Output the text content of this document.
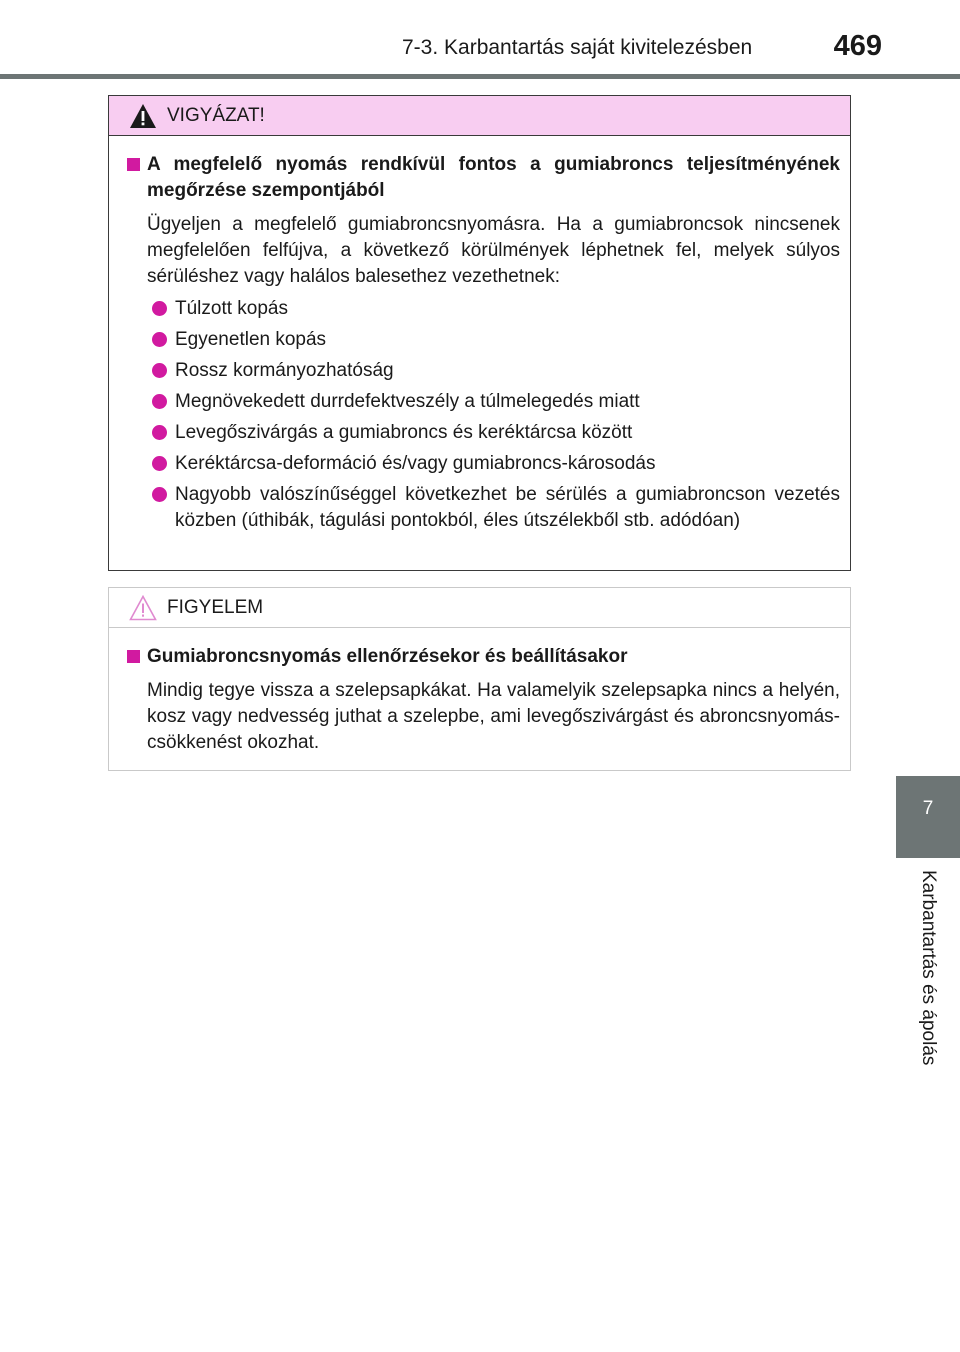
7-3. Karbantartás saját kivitelezésben	469
7
Karbantartás és ápolás
VIGYÁZAT!
A megfelelő nyomás rendkívül fontos a gumiabroncs teljesítményének megőrzése szempontjából
Ügyeljen a megfelelő gumiabroncsnyomásra. Ha a gumiabroncsok nincsenek megfelelően felfújva, a következő körülmények léphetnek fel, melyek súlyos sérüléshez vagy halálos balesethez vezethetnek:
Túlzott kopás
Egyenetlen kopás
Rossz kormányozhatóság
Megnövekedett durrdefektveszély a túlmelegedés miatt
Levegőszivárgás a gumiabroncs és keréktárcsa között
Keréktárcsa-deformáció és/vagy gumiabroncs-károsodás
Nagyobb valószínűséggel következhet be sérülés a gumiabroncson vezetés közben (úthibák, tágulási pontokból, éles útszélekből stb. adódóan)
FIGYELEM
Gumiabroncsnyomás ellenőrzésekor és beállításakor
Mindig tegye vissza a szelepsapkákat. Ha valamelyik szelepsapka nincs a helyén, kosz vagy nedvesség juthat a szelepbe, ami levegőszivárgást és abroncsnyomás-csökkenést okozhat.
